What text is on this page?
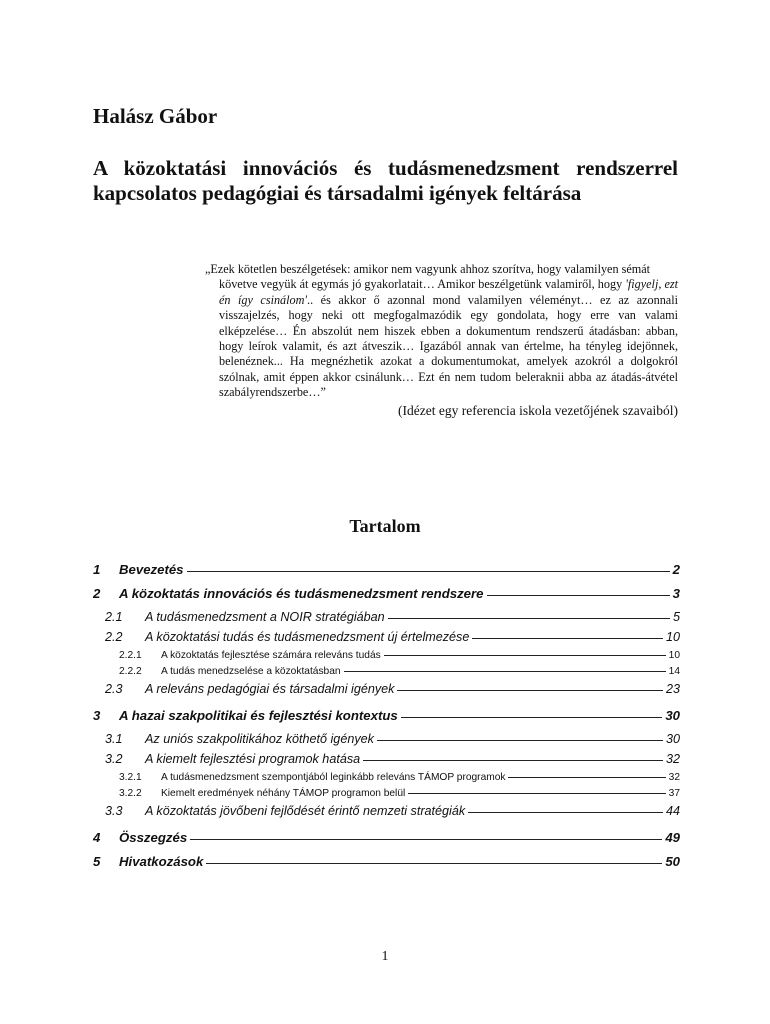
Halász Gábor
A közoktatási innovációs és tudásmenedzsment rendszerrel kapcsolatos pedagógiai és társadalmi igények feltárása

„Ezek kötetlen beszélgetések: amikor nem vagyunk ahhoz szorítva, hogy valamilyen sémát
követve vegyük át egymás jó gyakorlatait… Amikor beszélgetünk valamiről, hogy 'figyelj, ezt én így csinálom'.. és akkor ő azonnal mond valamilyen véleményt… ez az azonnali visszajelzés, hogy neki ott megfogalmazódik egy gondolata, hogy erre van valami elképzelése… Én abszolút nem hiszek ebben a dokumentum rendszerű átadásban: abban, hogy leírok valamit, és azt átveszik… Igazából annak van értelme, ha tényleg idejönnek, belenéznek... Ha megnézhetik azokat a dokumentumokat, amelyek azokról a dolgokról szólnak, amit éppen akkor csinálunk… Ezt én nem tudom beleraknii abba az átadás-átvétel szabályrendszerbe…”

(Idézet egy referencia iskola vezetőjének szavaiból)

Tartalom
1	Bevezetés	2
2	A közoktatás innovációs és tudásmenedzsment rendszere	3
2.1	A tudásmenedzsment a NOIR stratégiában	5
2.2	A közoktatási tudás és tudásmenedzsment új értelmezése	10
2.2.1	A közoktatás fejlesztése számára releváns tudás	10
2.2.2	A tudás menedzselése a közoktatásban	14
2.3	A releváns pedagógiai és társadalmi igények	23
3	A hazai szakpolitikai és fejlesztési kontextus	30
3.1	Az uniós szakpolitikához köthető igények	30
3.2	A kiemelt fejlesztési programok hatása	32
3.2.1	A tudásmenedzsment szempontjából leginkább releváns TÁMOP programok	32
3.2.2	Kiemelt eredmények néhány TÁMOP programon belül	37
3.3	A közoktatás jövőbeni fejlődését érintő nemzeti stratégiák	44
4	Összegzés	49
5	Hivatkozások	50

1
